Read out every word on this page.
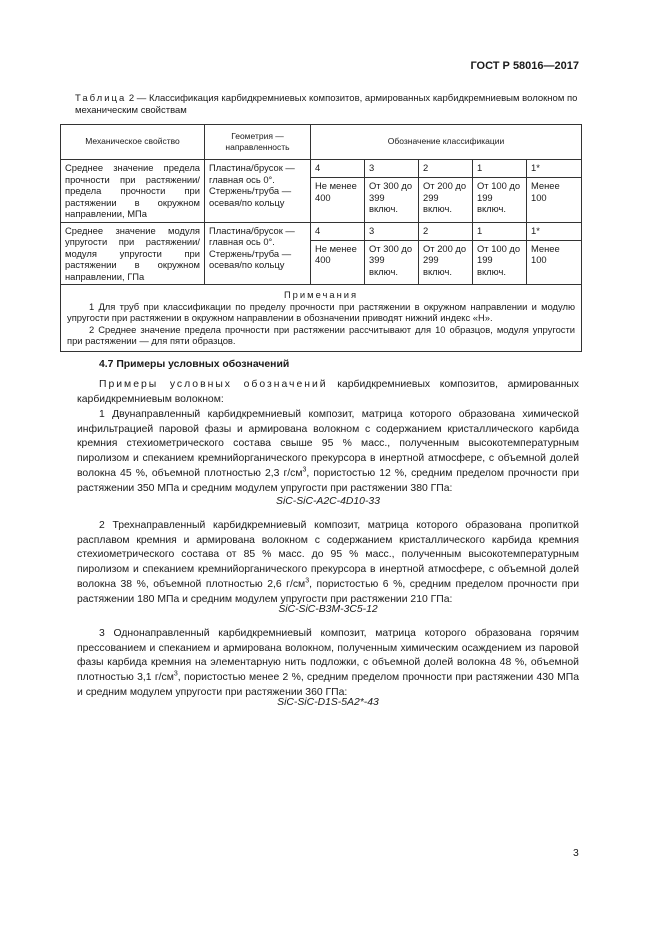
ГОСТ Р 58016—2017
Таблица 2 — Классификация карбидкремниевых композитов, армированных карбидкремниевым волокном по механическим свойствам
Механическое свойство	Геометрия — направленность	Обозначение классификации				
Среднее значение предела прочности при растяжении/предела прочности при растяжении в окружном направлении, МПа	Пластина/брусок — главная ось 0°. Стержень/труба — осевая/по кольцу	4	3	2	1	1*
		Не менее 400	От 300 до 399 включ.	От 200 до 299 включ.	От 100 до 199 включ.	Менее 100
Среднее значение модуля упругости при растяжении/модуля упругости при растяжении в окружном направлении, ГПа	Пластина/брусок — главная ось 0°. Стержень/труба — осевая/по кольцу	4	3	2	1	1*
		Не менее 400	От 300 до 399 включ.	От 200 до 299 включ.	От 100 до 199 включ.	Менее 100

Примечания
1 Для труб при классификации по пределу прочности при растяжении в окружном направлении и модулю упругости при растяжении в окружном направлении в обозначении приводят нижний индекс «Н».
2 Среднее значение предела прочности при растяжении рассчитывают для 10 образцов, модуля упругости при растяжении — для пяти образцов.						
4.7 Примеры условных обозначений

Примеры условных обозначений карбидкремниевых композитов, армированных карбидкремниевым волокном:

1 Двунаправленный карбидкремниевый композит, матрица которого образована химической инфильтрацией паровой фазы и армирована волокном с содержанием кристаллического карбида кремния стехиометрического состава свыше 95 % масс., полученным высокотемпературным пиролизом и спеканием кремнийорганического прекурсора в инертной атмосфере, с объемной долей волокна 45 %, объемной плотностью 2,3 $г/см^3$, пористостью 12 %, средним пределом прочности при растяжении 350 МПа и средним модулем упругости при растяжении 380 ГПа:

SiC-SiC-A2C-4D10-33

2 Трехнаправленный карбидкремниевый композит, матрица которого образована пропиткой расплавом кремния и армирована волокном с содержанием кристаллического карбида кремния стехиометрического состава от 85 % масс. до 95 % масс., полученным высокотемпературным пиролизом и спеканием кремнийорганического прекурсора в инертной атмосфере, с объемной долей волокна 38 %, объемной плотностью 2,6 $г/см^3$, пористостью 6 %, средним пределом прочности при растяжении 180 МПа и средним модулем упругости при растяжении 210 ГПа:

SiC-SiC-B3M-3C5-12

3 Однонаправленный карбидкремниевый композит, матрица которого образована горячим прессованием и спеканием и армирована волокном, полученным химическим осаждением из паровой фазы карбида кремния на элементарную нить подложки, с объемной долей волокна 48 %, объемной плотностью 3,1 $г/см^3$, пористостью менее 2 %, средним пределом прочности при растяжении 430 МПа и средним модулем упругости при растяжении 360 ГПа:

SiC-SiC-D1S-5A2*-43
3
